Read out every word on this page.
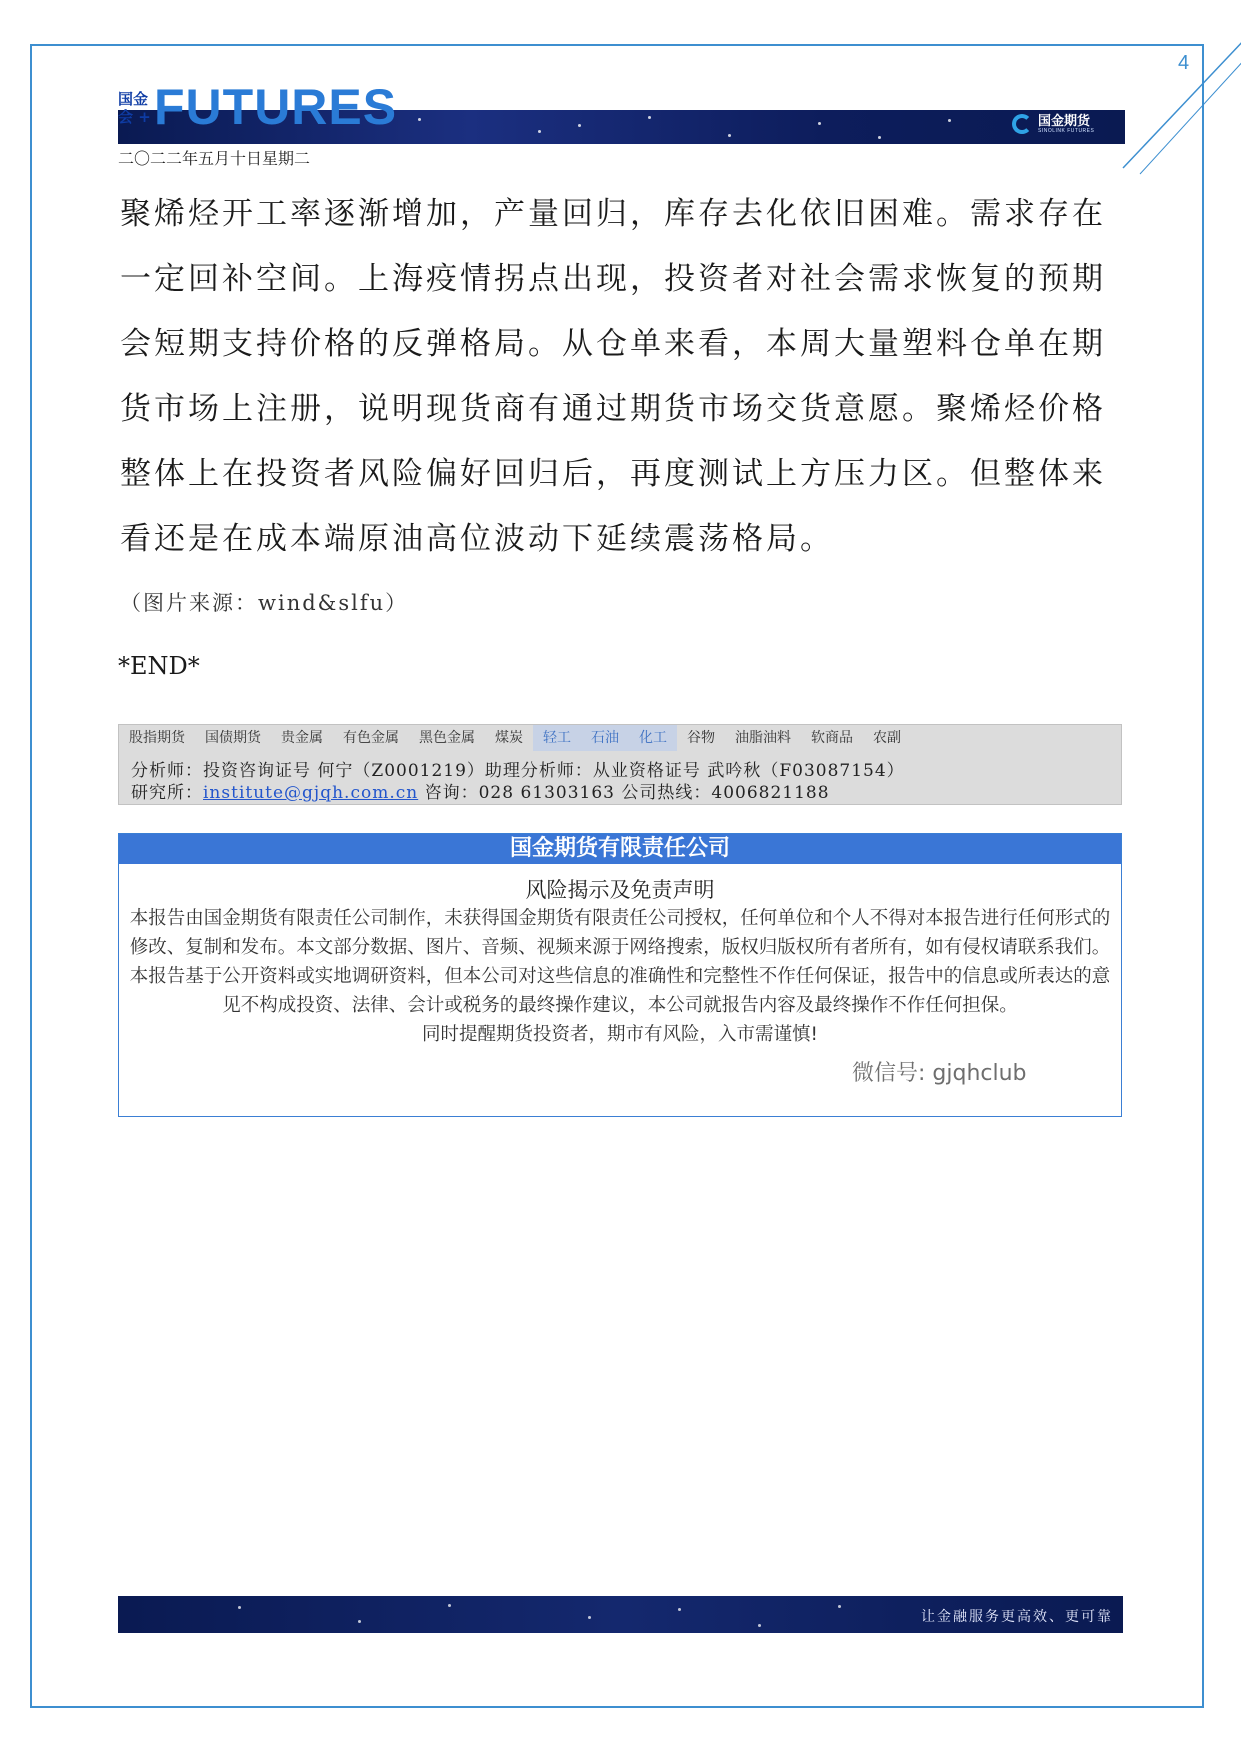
4
国金
会 + FUTURES	国金期货
SINOLINK FUTURES
二〇二二年五月十日星期二
聚烯烃开工率逐渐增加，产量回归，库存去化依旧困难。需求存在一定回补空间。上海疫情拐点出现，投资者对社会需求恢复的预期会短期支持价格的反弹格局。从仓单来看，本周大量塑料仓单在期货市场上注册，说明现货商有通过期货市场交货意愿。聚烯烃价格整体上在投资者风险偏好回归后，再度测试上方压力区。但整体来看还是在成本端原油高位波动下延续震荡格局。
（图片来源：wind&slfu）
*END*
股指期货	国债期货	贵金属	有色金属	黑色金属	煤炭	轻工	石油	化工	谷物	油脂油料	软商品	农副
分析师：投资咨询证号 何宁（Z0001219）助理分析师：从业资格证号 武吟秋（F03087154）
研究所：institute@gjqh.com.cn 咨询：028 61303163 公司热线：4006821188
国金期货有限责任公司
风险揭示及免责声明
本报告由国金期货有限责任公司制作，未获得国金期货有限责任公司授权，任何单位和个人不得对本报告进行任何形式的修改、复制和发布。本文部分数据、图片、音频、视频来源于网络搜索，版权归版权所有者所有，如有侵权请联系我们。
本报告基于公开资料或实地调研资料，但本公司对这些信息的准确性和完整性不作任何保证，报告中的信息或所表达的意见不构成投资、法律、会计或税务的最终操作建议，本公司就报告内容及最终操作不作任何担保。
同时提醒期货投资者，期市有风险，入市需谨慎!
微信号: gjqhclub
让金融服务更高效、更可靠
